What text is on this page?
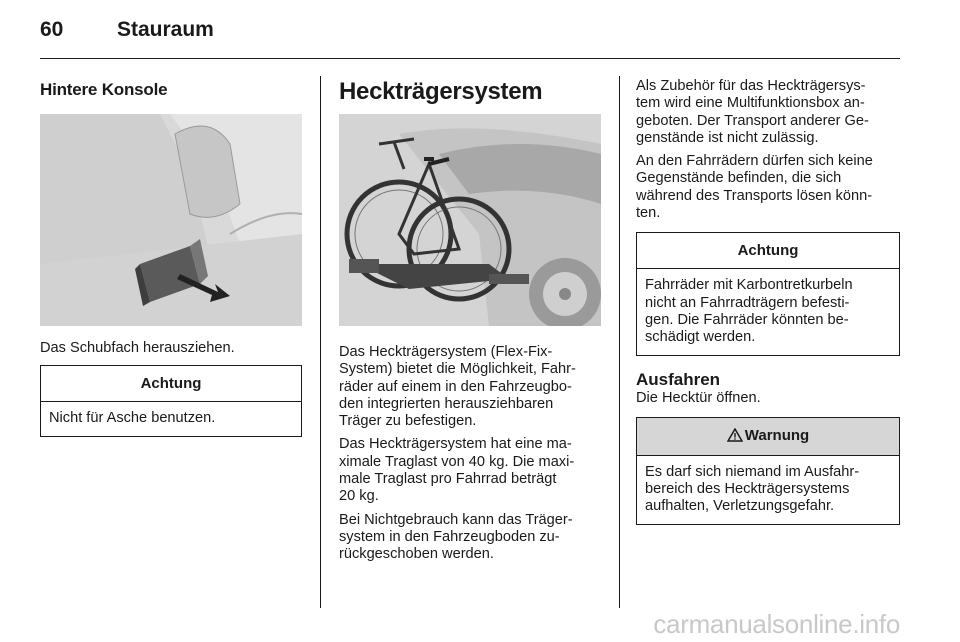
60	Stauraum
Hintere Konsole

Das Schubfach herausziehen.

Achtung

Nicht für Asche benutzen.

Heckträgersystem

Das Heckträgersystem (Flex-Fix-
System) bietet die Möglichkeit, Fahr-
räder auf einem in den Fahrzeugbo-
den integrierten herausziehbaren
Träger zu befestigen.

Das Heckträgersystem hat eine ma-
ximale Traglast von 40 kg. Die maxi-
male Traglast pro Fahrrad beträgt
20 kg.

Bei Nichtgebrauch kann das Träger-
system in den Fahrzeugboden zu-
rückgeschoben werden.

Als Zubehör für das Heckträgersys-
tem wird eine Multifunktionsbox an-
geboten. Der Transport anderer Ge-
genstände ist nicht zulässig.

An den Fahrrädern dürfen sich keine
Gegenstände befinden, die sich
während des Transports lösen könn-
ten.

Achtung

Fahrräder mit Karbontretkurbeln
nicht an Fahrradträgern befesti-
gen. Die Fahrräder könnten be-
schädigt werden.

Ausfahren

Die Hecktür öffnen.

Warnung

Es darf sich niemand im Ausfahr-
bereich des Heckträgersystems
aufhalten, Verletzungsgefahr.

carmanualsonline.info
